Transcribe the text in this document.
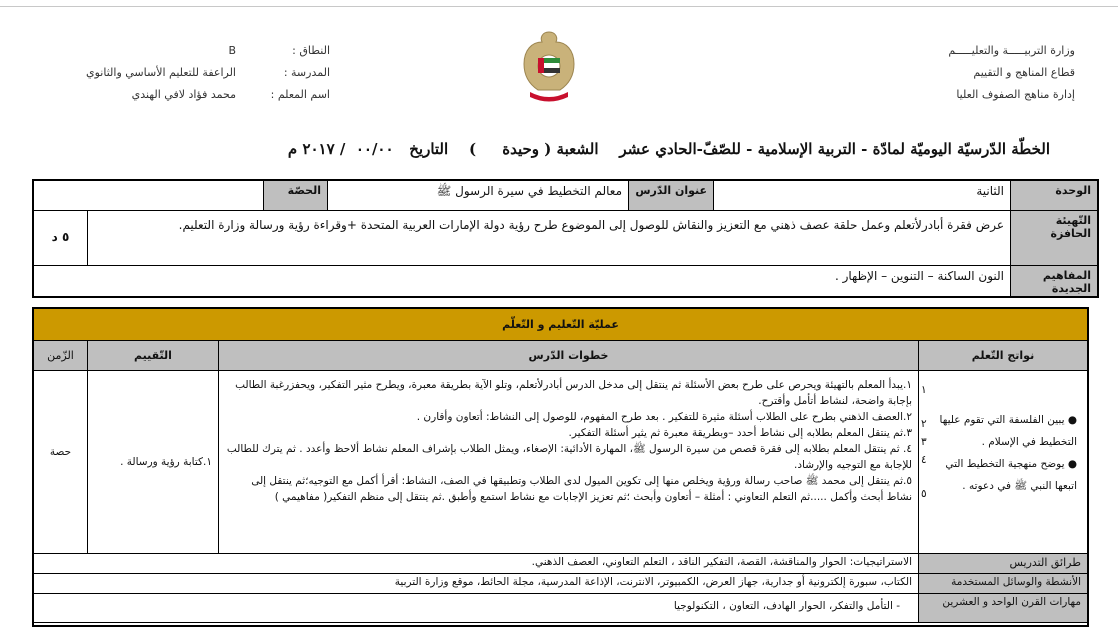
وزارة التربيـــــة والتعليـــــم
قطاع المناهج و التقييم
إدارة مناهج الصفوف العليا
النطاق :
المدرسة :
اسم المعلم :
B
الراعفة للتعليم الأساسي والثانوي
محمد فؤاد لافي الهندي
الخطّة الدّرسيّة اليوميّة لمادّة - التربية الإسلامية - للصّفّ-الحادي عشر    الشعبة ( وحيدة     )    التاريخ   ٠٠/٠٠  / ٢٠١٧ م
الوحدة
الثانية
عنوان الدّرس
معالم التخطيط في سيرة الرسول ﷺ
الحصّة
التّهيئة الحافزة
عرض فقرة أبادرلأتعلم وعمل حلقة عصف ذهني مع التعزيز والنقاش للوصول إلى الموضوع طرح رؤية دولة الإمارات العربية المتحدة +وقراءة رؤية ورسالة وزارة التعليم.
٥ د
المفاهيم الجديدة
النون الساكنة – التنوين – الإظهار .
عمليّة التّعليم و التّعلّم
نواتج التّعلم
خطوات الدّرس
التّقييم
الزّمن
● يبين الفلسفة التي تقوم عليها التخطيط في الإسلام .
● يوضح منهجية التخطيط التي اتبعها النبي ﷺ في دعوته .
١
٢
٣
٤
٥

١.يبدأ المعلم بالتهيئة ويحرص على طرح بعض الأسئلة ثم ينتقل إلى مدخل الدرس أبادرلأتعلم، وتلو الآية بطريقة معبرة، ويطرح مثير التفكير، ويحفزرغبة الطالب بإجابة واضحة، لنشاط أتأمل وأقترح.

٢.العصف الذهني بطرح على الطلاب أسئلة مثيرة للتفكير . بعد طرح المفهوم، للوصول إلى النشاط: أتعاون وأقارن .

٣.ثم ينتقل المعلم بطلابه إلى نشاط أحدد –وبطريقة معبرة ثم يثير أسئلة التفكير.

٤. ثم ينتقل المعلم بطلابه إلى فقرة قصص من سيرة الرسول ﷺ، المهارة الأدائية: الإصغاء، ويمثل الطلاب بإشراف المعلم نشاط ألاحظ وأعدد . ثم يترك للطالب للإجابة مع التوجيه والإرشاد.

٥.ثم ينتقل إلى محمد ﷺ صاحب رسالة ورؤية ويخلص منها إلى تكوين الميول لدى الطلاب وتطبيقها في الصف، النشاط: أقرأ أكمل مع التوجيه؛ثم ينتقل إلى نشاط أبحث وأكمل .....ثم التعلم التعاوني : أمثلة – أتعاون وأبحث ؛ثم تعزيز الإجابات مع نشاط استمع وأطبق .ثم ينتقل إلى منظم التفكير( مفاهيمي )

١.كتابة رؤية ورسالة .
حصة
طرائق التدريس
الاستراتيجيات: الحوار والمناقشة، القصة، التفكير الناقد ، التعلم التعاوني، العصف الذهني.
الأنشطة والوسائل المستخدمة
الكتاب، سبورة إلكترونية أو جدارية، جهاز العرض، الكمبيوتر، الانترنت، الإذاعة المدرسية، مجلة الحائط، موقع وزارة التربية
مهارات القرن الواحد و العشرين
- التأمل والتفكر، الحوار الهادف، التعاون ، التكنولوجيا
